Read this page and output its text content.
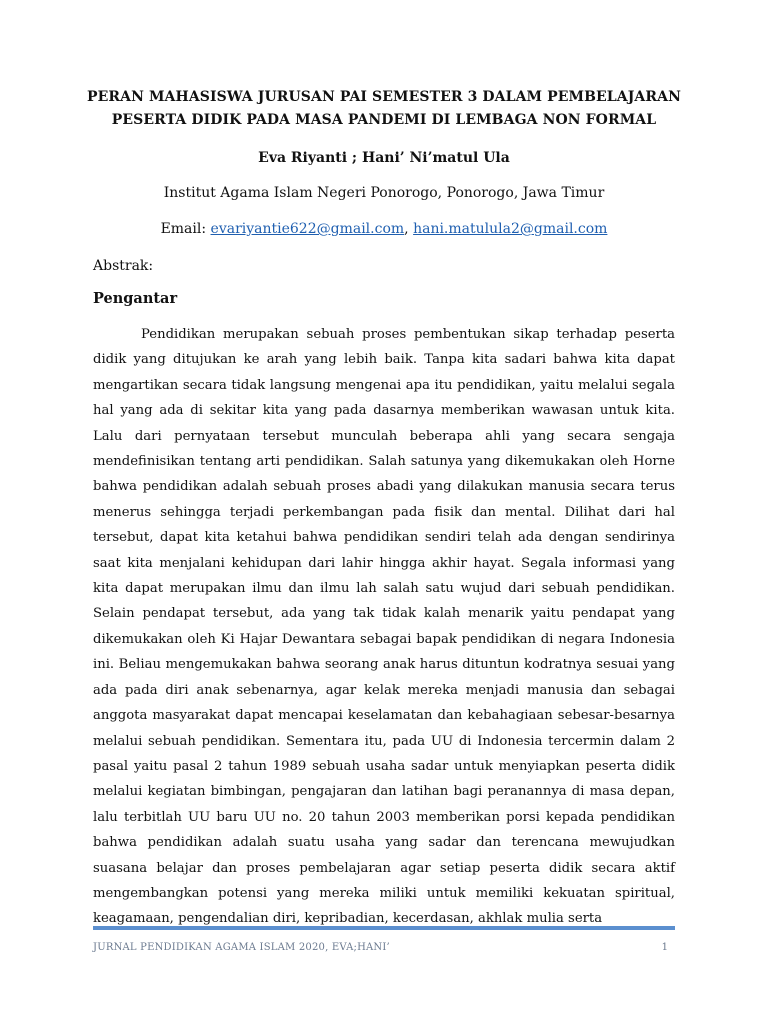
PERAN MAHASISWA JURUSAN PAI SEMESTER 3 DALAM PEMBELAJARAN PESERTA DIDIK PADA MASA PANDEMI DI LEMBAGA NON FORMAL
Eva Riyanti ; Hani’ Ni’matul Ula
Institut Agama Islam Negeri Ponorogo, Ponorogo, Jawa Timur
Email: evariyantie622@gmail.com, hani.matulula2@gmail.com
Abstrak:
Pengantar

Pendidikan merupakan sebuah proses pembentukan sikap terhadap peserta didik yang ditujukan ke arah yang lebih baik. Tanpa kita sadari bahwa kita dapat mengartikan secara tidak langsung mengenai apa itu pendidikan, yaitu melalui segala hal yang ada di sekitar kita yang pada dasarnya memberikan wawasan untuk kita. Lalu dari pernyataan tersebut munculah beberapa ahli yang secara sengaja mendefinisikan tentang arti pendidikan. Salah satunya yang dikemukakan oleh Horne bahwa pendidikan adalah sebuah proses abadi yang dilakukan manusia secara terus menerus sehingga terjadi perkembangan pada fisik dan mental. Dilihat dari hal tersebut, dapat kita ketahui bahwa pendidikan sendiri telah ada dengan sendirinya saat kita menjalani kehidupan dari lahir hingga akhir hayat. Segala informasi yang kita dapat merupakan ilmu dan ilmu lah salah satu wujud dari sebuah pendidikan. Selain pendapat tersebut, ada yang tak tidak kalah menarik yaitu pendapat yang dikemukakan oleh Ki Hajar Dewantara sebagai bapak pendidikan di negara Indonesia ini. Beliau mengemukakan bahwa seorang anak harus dituntun kodratnya sesuai yang ada pada diri anak sebenarnya, agar kelak mereka menjadi manusia dan sebagai anggota masyarakat dapat mencapai keselamatan dan kebahagiaan sebesar-besarnya melalui sebuah pendidikan. Sementara itu, pada UU di Indonesia tercermin dalam 2 pasal yaitu pasal 2 tahun 1989 sebuah usaha sadar untuk menyiapkan peserta didik melalui kegiatan bimbingan, pengajaran dan latihan bagi peranannya di masa depan, lalu terbitlah UU baru UU no. 20 tahun 2003 memberikan porsi kepada pendidikan bahwa pendidikan adalah suatu usaha yang sadar dan terencana mewujudkan suasana belajar dan proses pembelajaran agar setiap peserta didik secara aktif mengembangkan potensi yang mereka miliki untuk memiliki kekuatan spiritual, keagamaan, pengendalian diri, kepribadian, kecerdasan, akhlak mulia serta

JURNAL PENDIDIKAN AGAMA ISLAM 2020, EVA;HANI’	1
